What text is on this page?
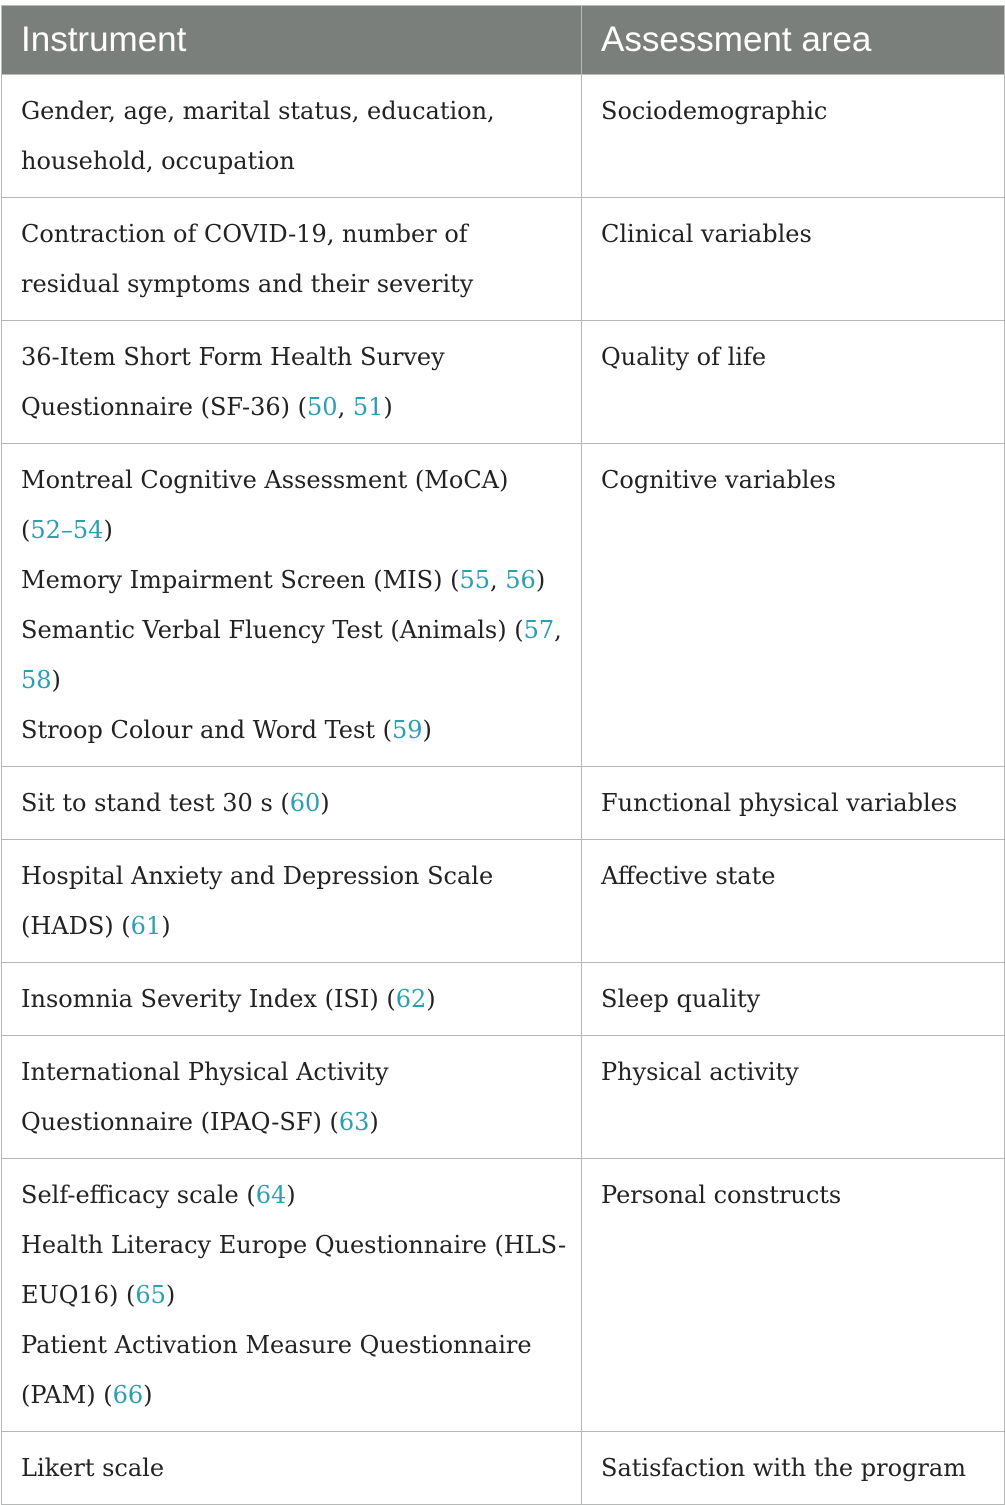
Instrument	Assessment area

Gender, age, marital status, education, household, occupation	Sociodemographic

Contraction of COVID-19, number of residual symptoms and their severity	Clinical variables

36-Item Short Form Health Survey Questionnaire (SF-36) (50, 51)	Quality of life

Montreal Cognitive Assessment (MoCA) (52–54)
Memory Impairment Screen (MIS) (55, 56)
Semantic Verbal Fluency Test (Animals) (57, 58)
Stroop Colour and Word Test (59)	Cognitive variables

Sit to stand test 30 s (60)	Functional physical variables

Hospital Anxiety and Depression Scale (HADS) (61)	Affective state

Insomnia Severity Index (ISI) (62)	Sleep quality

International Physical Activity Questionnaire (IPAQ-SF) (63)	Physical activity

Self-efficacy scale (64)
Health Literacy Europe Questionnaire (HLS-EUQ16) (65)
Patient Activation Measure Questionnaire (PAM) (66)	Personal constructs

Likert scale	Satisfaction with the program
